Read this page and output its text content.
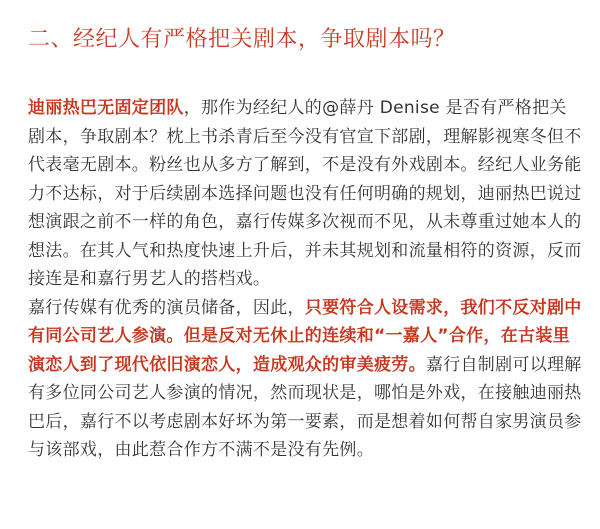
二、经纪人有严格把关剧本，争取剧本吗？

迪丽热巴无固定团队，那作为经纪人的@薛丹 Denise 是否有严格把关剧本，争取剧本？枕上书杀青后至今没有官宣下部剧，理解影视寒冬但不代表毫无剧本。粉丝也从多方了解到，不是没有外戏剧本。经纪人业务能力不达标，对于后续剧本选择问题也没有任何明确的规划，迪丽热巴说过想演跟之前不一样的角色，嘉行传媒多次视而不见，从未尊重过她本人的想法。在其人气和热度快速上升后，并未其规划和流量相符的资源，反而接连是和嘉行男艺人的搭档戏。

嘉行传媒有优秀的演员储备，因此，只要符合人设需求，我们不反对剧中有同公司艺人参演。但是反对无休止的连续和“一嘉人”合作，在古装里演恋人到了现代依旧演恋人，造成观众的审美疲劳。嘉行自制剧可以理解有多位同公司艺人参演的情况，然而现状是，哪怕是外戏，在接触迪丽热巴后，嘉行不以考虑剧本好坏为第一要素，而是想着如何帮自家男演员参与该部戏，由此惹合作方不满不是没有先例。
